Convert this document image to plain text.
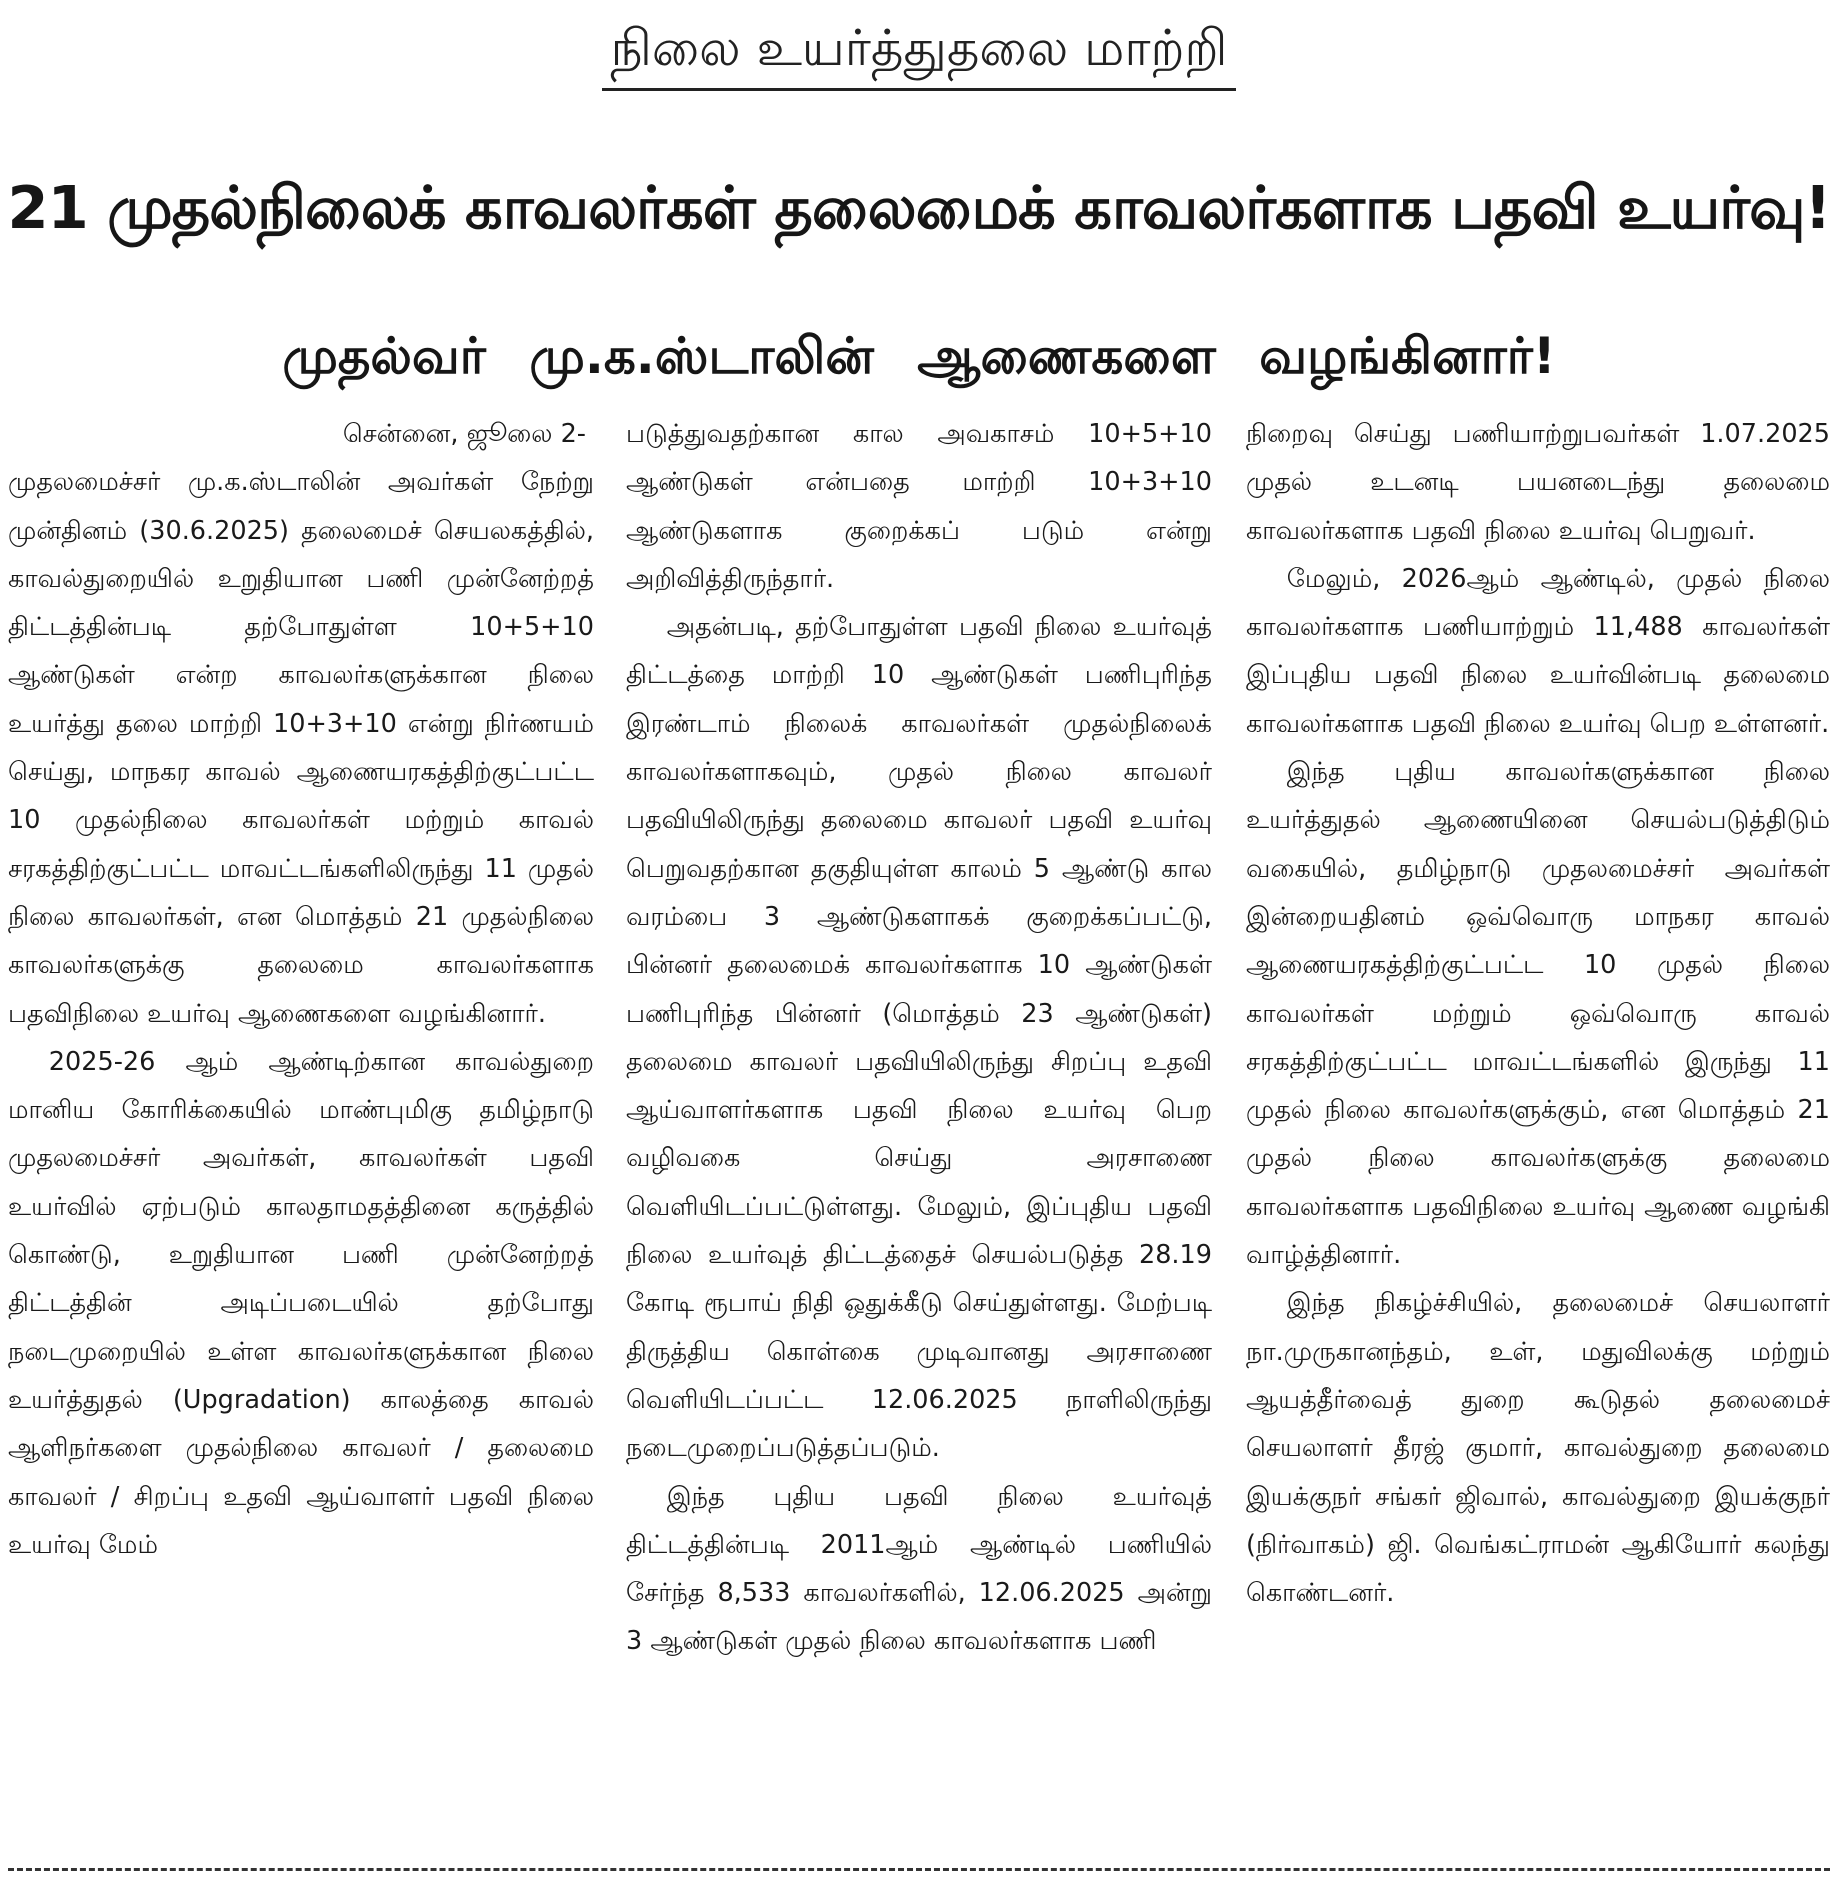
நிலை உயர்த்துதலை மாற்றி
21 முதல்நிலைக் காவலர்கள் தலைமைக் காவலர்களாக பதவி உயர்வு!
முதல்வர் மு.க.ஸ்டாலின் ஆணைகளை வழங்கினார்!

சென்னை, ஜூலை 2-

முதலமைச்சர் மு.க.ஸ்டாலின் அவர்கள் நேற்று முன்தினம் (30.6.2025) தலைமைச் செயலகத்தில், காவல்துறையில் உறுதியான பணி முன்னேற்றத் திட்டத்தின்படி தற்போதுள்ள 10+5+10 ஆண்டுகள் என்ற காவலர்களுக்கான நிலை உயர்த்து தலை மாற்றி 10+3+10 என்று நிர்ணயம் செய்து, மாநகர காவல் ஆணையரகத்திற்குட்பட்ட 10 முதல்நிலை காவலர்கள் மற்றும் காவல் சரகத்திற்குட்பட்ட மாவட்டங்களிலிருந்து 11 முதல் நிலை காவலர்கள், என மொத்தம் 21 முதல்நிலை காவலர்களுக்கு தலைமை காவலர்களாக பதவிநிலை உயர்வு ஆணைகளை வழங்கினார்.

2025-26 ஆம் ஆண்டிற்கான காவல்துறை மானிய கோரிக்கையில் மாண்புமிகு தமிழ்நாடு முதலமைச்சர் அவர்கள், காவலர்கள் பதவி உயர்வில் ஏற்படும் காலதாமதத்தினை கருத்தில் கொண்டு, உறுதியான பணி முன்னேற்றத் திட்டத்தின் அடிப்படையில் தற்போது நடைமுறையில் உள்ள காவலர்களுக்கான நிலை உயர்த்துதல் (Upgradation) காலத்தை காவல் ஆளிநர்களை முதல்நிலை காவலர் / தலைமை காவலர் / சிறப்பு உதவி ஆய்வாளர் பதவி நிலை உயர்வு மேம்

படுத்துவதற்கான கால அவகாசம் 10+5+10 ஆண்டுகள் என்பதை மாற்றி 10+3+10 ஆண்டுகளாக குறைக்கப் படும் என்று அறிவித்திருந்தார்.

அதன்படி, தற்போதுள்ள பதவி நிலை உயர்வுத் திட்டத்தை மாற்றி 10 ஆண்டுகள் பணிபுரிந்த இரண்டாம் நிலைக் காவலர்கள் முதல்நிலைக் காவலர்களாகவும், முதல் நிலை காவலர் பதவியிலிருந்து தலைமை காவலர் பதவி உயர்வு பெறுவதற்கான தகுதியுள்ள காலம் 5 ஆண்டு கால வரம்பை 3 ஆண்டுகளாகக் குறைக்கப்பட்டு, பின்னர் தலைமைக் காவலர்களாக 10 ஆண்டுகள் பணிபுரிந்த பின்னர் (மொத்தம் 23 ஆண்டுகள்) தலைமை காவலர் பதவியிலிருந்து சிறப்பு உதவி ஆய்வாளர்களாக பதவி நிலை உயர்வு பெற வழிவகை செய்து அரசாணை வெளியிடப்பட்டுள்ளது. மேலும், இப்புதிய பதவி நிலை உயர்வுத் திட்டத்தைச் செயல்படுத்த 28.19 கோடி ரூபாய் நிதி ஒதுக்கீடு செய்துள்ளது. மேற்படி திருத்திய கொள்கை முடிவானது அரசாணை வெளியிடப்பட்ட 12.06.2025 நாளிலிருந்து நடைமுறைப்படுத்தப்படும்.

இந்த புதிய பதவி நிலை உயர்வுத் திட்டத்தின்படி 2011ஆம் ஆண்டில் பணியில் சேர்ந்த 8,533 காவலர்களில், 12.06.2025 அன்று 3 ஆண்டுகள் முதல் நிலை காவலர்களாக பணி

நிறைவு செய்து பணியாற்றுபவர்கள் 1.07.2025 முதல் உடனடி பயனடைந்து தலைமை காவலர்களாக பதவி நிலை உயர்வு பெறுவர்.

மேலும், 2026ஆம் ஆண்டில், முதல் நிலை காவலர்களாக பணியாற்றும் 11,488 காவலர்கள் இப்புதிய பதவி நிலை உயர்வின்படி தலைமை காவலர்களாக பதவி நிலை உயர்வு பெற உள்ளனர்.

இந்த புதிய காவலர்களுக்கான நிலை உயர்த்துதல் ஆணையினை செயல்படுத்திடும் வகையில், தமிழ்நாடு முதலமைச்சர் அவர்கள் இன்றையதினம் ஒவ்வொரு மாநகர காவல் ஆணையரகத்திற்குட்பட்ட 10 முதல் நிலை காவலர்கள் மற்றும் ஒவ்வொரு காவல் சரகத்திற்குட்பட்ட மாவட்டங்களில் இருந்து 11 முதல் நிலை காவலர்களுக்கும், என மொத்தம் 21 முதல் நிலை காவலர்களுக்கு தலைமை காவலர்களாக பதவிநிலை உயர்வு ஆணை வழங்கி வாழ்த்தினார்.

இந்த நிகழ்ச்சியில், தலைமைச் செயலாளர் நா.முருகானந்தம், உள், மதுவிலக்கு மற்றும் ஆயத்தீர்வைத் துறை கூடுதல் தலைமைச் செயலாளர் தீரஜ் குமார், காவல்துறை தலைமை இயக்குநர் சங்கர் ஜிவால், காவல்துறை இயக்குநர் (நிர்வாகம்) ஜி. வெங்கட்ராமன் ஆகியோர் கலந்து கொண்டனர்.
